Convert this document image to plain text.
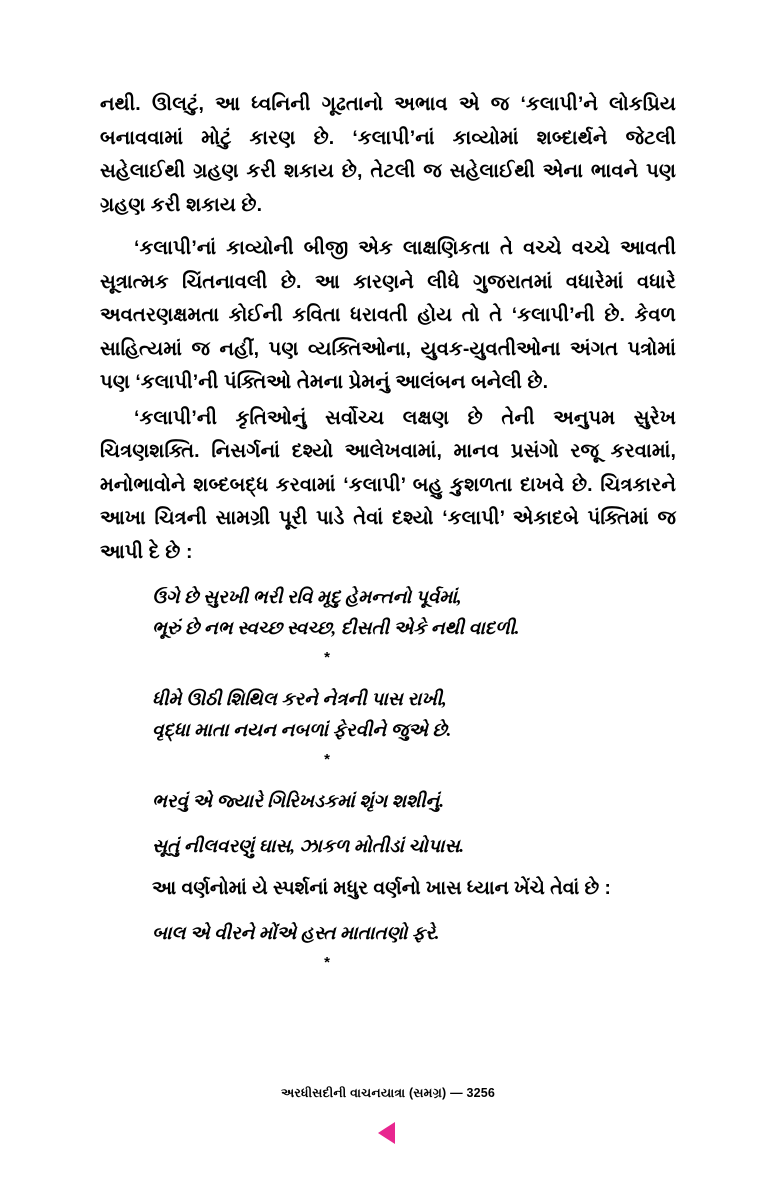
નથી. ઊલટું, આ ધ્વનિની ગૂઢતાનો અભાવ એ જ ‘કલાપી’ને લોકપ્રિય બનાવવામાં મોટું કારણ છે. ‘કલાપી’નાં કાવ્યોમાં શબ્દાર્થને જેટલી સહેલાઈથી ગ્રહણ કરી શકાય છે, તેટલી જ સહેલાઈથી એના ભાવને પણ ગ્રહણ કરી શકાય છે.

‘કલાપી’નાં કાવ્યોની બીજી એક લાક્ષણિકતા તે વચ્ચે વચ્ચે આવતી સૂત્રાત્મક ચિંતનાવલી છે. આ કારણને લીધે ગુજરાતમાં વધારેમાં વધારે અવતરણક્ષમતા કોઈની કવિતા ધરાવતી હોય તો તે ‘કલાપી’ની છે. કેવળ સાહિત્યમાં જ નહીં, પણ વ્યક્તિઓના, યુવક-યુવતીઓના અંગત પત્રોમાં પણ ‘કલાપી’ની પંક્તિઓ તેમના પ્રેમનું આલંબન બનેલી છે.

‘કલાપી’ની કૃતિઓનું સર્વોચ્ચ લક્ષણ છે તેની અનુપમ સુરેખ ચિત્રણશક્તિ. નિસર્ગનાં દશ્યો આલેખવામાં, માનવ પ્રસંગો રજૂ કરવામાં, મનોભાવોને શબ્દબદ્ધ કરવામાં ‘કલાપી’ બહુ કુશળતા દાખવે છે. ચિત્રકારને આખા ચિત્રની સામગ્રી પૂરી પાડે તેવાં દશ્યો ‘કલાપી’ એકાદબે પંક્તિમાં જ આપી દે છે :

ઉગે છે સુરખી ભરી રવિ મૃદુ હેમન્તનો પૂર્વમાં,
ભૂરું છે નભ સ્વચ્છ સ્વચ્છ, દીસતી એકે નથી વાદળી.
*
ધીમે ઊઠી શિથિલ કરને નેત્રની પાસ રાખી,
વૃદ્ધા માતા નયન નબળાં ફેરવીને જુએ છે.
*
ભરવું એ જ્યારે ગિરિખડકમાં શૃંગ શશીનું.
સૂતું નીલવરણું ઘાસ, ઝાકળ મોતીડાં ચોપાસ.
આ વર્ણનોમાં યે સ્પર્શનાં મધુર વર્ણનો ખાસ ધ્યાન ખેંચે તેવાં છે :
બાલ એ વીરને મોંએ હસ્ત માતાતણો ફરે.
*
અરધીસદીની વાચનયાત્રા (સમગ્ર) — 3256
